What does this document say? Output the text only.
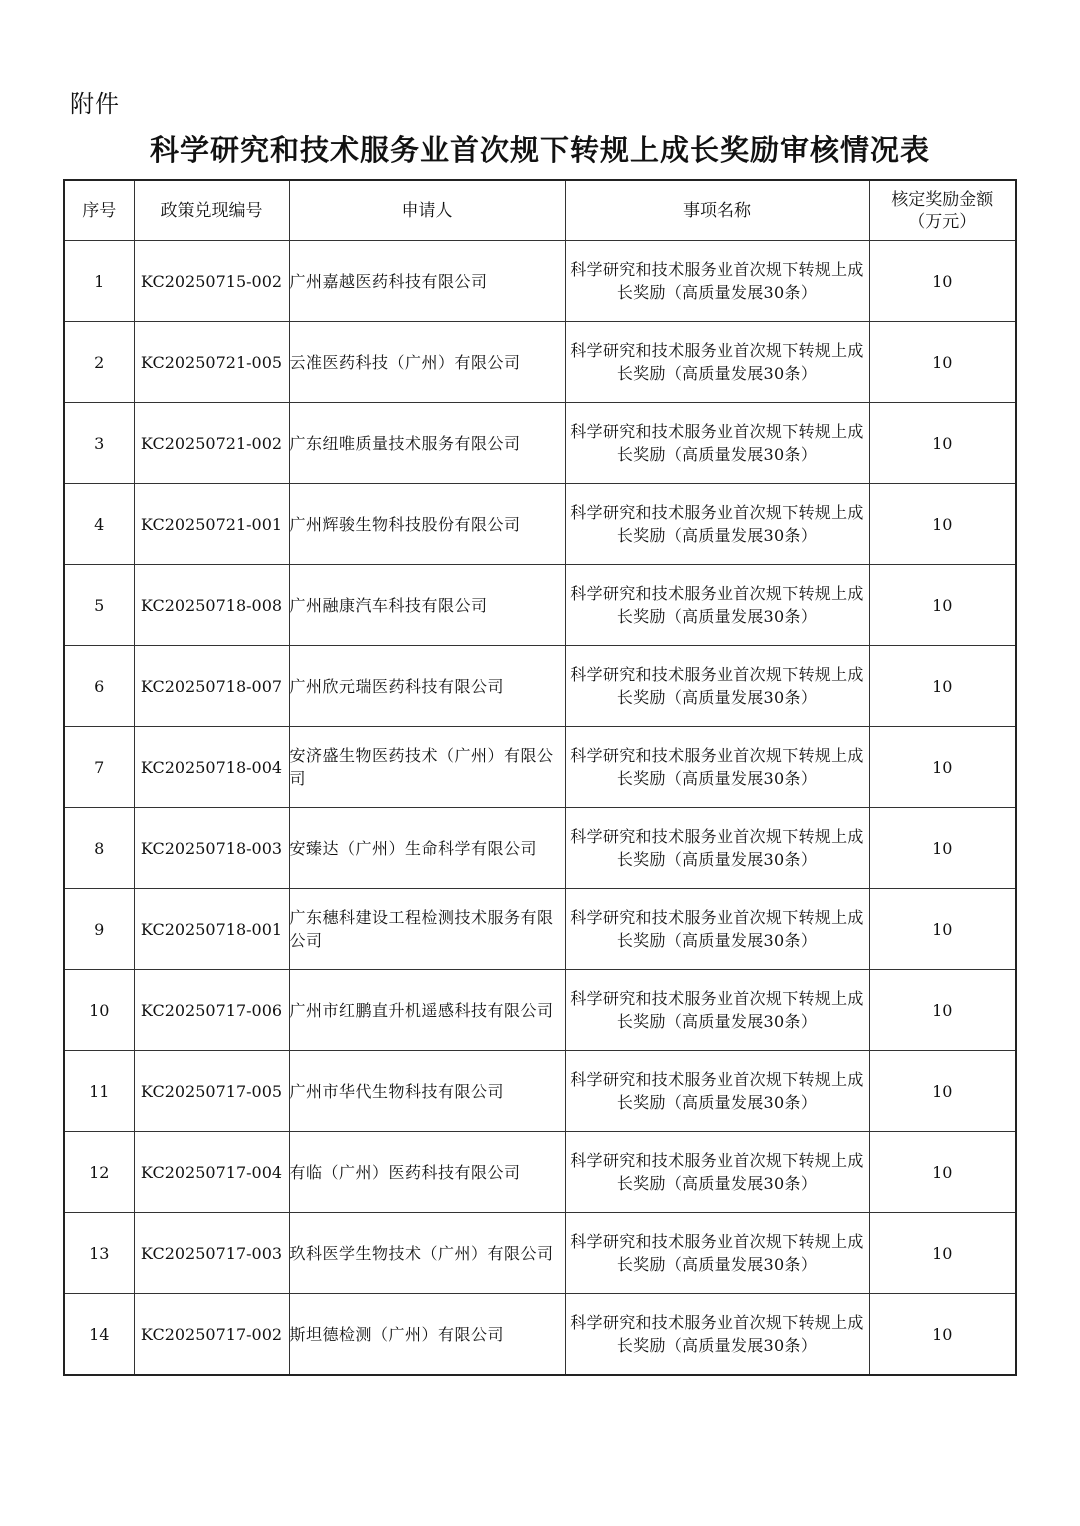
附件
科学研究和技术服务业首次规下转规上成长奖励审核情况表
序号	政策兑现编号	申请人	事项名称	核定奖励金额
（万元）

1	KC20250715-002	广州嘉越医药科技有限公司	科学研究和技术服务业首次规下转规上成长奖励（高质量发展30条）	10
2	KC20250721-005	云准医药科技（广州）有限公司	科学研究和技术服务业首次规下转规上成长奖励（高质量发展30条）	10
3	KC20250721-002	广东纽唯质量技术服务有限公司	科学研究和技术服务业首次规下转规上成长奖励（高质量发展30条）	10
4	KC20250721-001	广州辉骏生物科技股份有限公司	科学研究和技术服务业首次规下转规上成长奖励（高质量发展30条）	10
5	KC20250718-008	广州融康汽车科技有限公司	科学研究和技术服务业首次规下转规上成长奖励（高质量发展30条）	10
6	KC20250718-007	广州欣元瑞医药科技有限公司	科学研究和技术服务业首次规下转规上成长奖励（高质量发展30条）	10
7	KC20250718-004	安济盛生物医药技术（广州）有限公司	科学研究和技术服务业首次规下转规上成长奖励（高质量发展30条）	10
8	KC20250718-003	安臻达（广州）生命科学有限公司	科学研究和技术服务业首次规下转规上成长奖励（高质量发展30条）	10
9	KC20250718-001	广东穗科建设工程检测技术服务有限公司	科学研究和技术服务业首次规下转规上成长奖励（高质量发展30条）	10
10	KC20250717-006	广州市红鹏直升机遥感科技有限公司	科学研究和技术服务业首次规下转规上成长奖励（高质量发展30条）	10
11	KC20250717-005	广州市华代生物科技有限公司	科学研究和技术服务业首次规下转规上成长奖励（高质量发展30条）	10
12	KC20250717-004	有临（广州）医药科技有限公司	科学研究和技术服务业首次规下转规上成长奖励（高质量发展30条）	10
13	KC20250717-003	玖科医学生物技术（广州）有限公司	科学研究和技术服务业首次规下转规上成长奖励（高质量发展30条）	10
14	KC20250717-002	斯坦德检测（广州）有限公司	科学研究和技术服务业首次规下转规上成长奖励（高质量发展30条）	10
